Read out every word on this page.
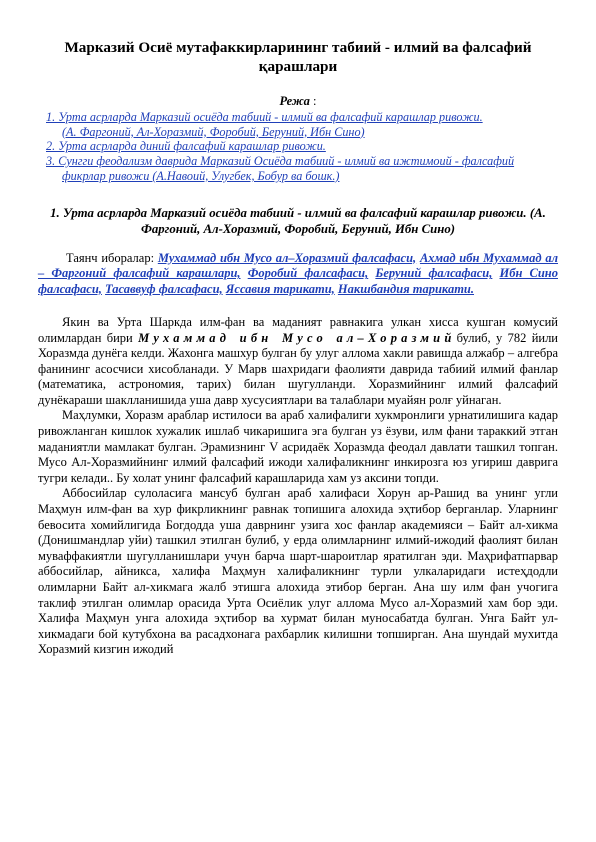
Марказий Осиё мутафаккирларининг табиий - илмий ва фалсафий қарашлари
Режа :
1. Урта асрларда Марказий осиёда табиий - илмий ва фалсафий карашлар ривожи.
(А. Фаргоний, Ал-Хоразмий, Форобий, Беруний, Ибн Сино)
2. Урта асрларда диний фалсафий карашлар ривожи.
3. Сунгги феодализм даврида Марказий Осиёда табиий - илмий ва ижтимоий - фалсафий
фикрлар ривожи (А.Навоий, Улугбек, Бобур ва бошк.)
1. Урта асрларда Марказий осиёда табиий - илмий ва фалсафий карашлар ривожи. (А. Фаргоний, Ал-Хоразмий, Форобий, Беруний, Ибн Сино)
Таянч иборалар: Мухаммад ибн Мусо ал–Хоразмий фалсафаси, Ахмад ибн Мухаммад ал – Фаргоний фалсафий карашлари, Форобий фалсафаси, Беруний фалсафаси, Ибн Сино фалсафаси, Тасаввуф фалсафаси, Яссавия тарикати, Накшбандия тарикати.

Якин ва Урта Шаркда илм-фан ва маданият равнакига улкан хисса кушган комусий олимлардан бири Мухаммад ибн Мусо ал–Хоразмий булиб, у 782 йили Хоразмда дунёга келди. Жахонга машхур булган бу улуг аллома хакли равишда алжабр – алгебра фанининг асосчиси хисобланади. У Марв шахридаги фаолияти даврида табиий илмий фанлар (математика, астрономия, тарих) билан шугулланди. Хоразмийнинг илмий фалсафий дунёкараши шаклланишида уша давр хусусиятлари ва талаблари муайян ролғ уйнаган.

Маҳлумки, Хоразм араблар истилоси ва араб халифалиги хукмронлиги урнатилишига кадар ривожланган кишлок хужалик ишлаб чикаришига эга булган уз ёзуви, илм фани тараккий этган маданиятли мамлакат булган. Эрамизнинг V асридаёк Хоразмда феодал давлати ташкил топган. Мусо Ал-Хоразмийнинг илмий фалсафий ижоди халифаликнинг инкирозга юз угириш даврига тугри келади.. Бу холат унинг фалсафий карашларида хам уз аксини топди.

Аббосийлар сулоласига мансуб булган араб халифаси Хорун ар-Рашид ва унинг угли Маҳмун илм-фан ва хур фикрликнинг равнак топишига алохида эҳтибор берганлар. Уларнинг бевосита хомийлигида Богдодда уша даврнинг узига хос фанлар академияси – Байт ал-хикма (Донишмандлар уйи) ташкил этилган булиб, у ерда олимларнинг илмий-ижодий фаолият билан муваффакиятли шугулланишлари учун барча шарт-шароитлар яратилган эди. Маҳрифатпарвар аббосийлар, айникса, халифа Маҳмун халифаликнинг турли улкаларидаги истеҳдодли олимларни Байт ал-хикмага жалб этишга алохида этибор берган. Ана шу илм фан учогига таклиф этилган олимлар орасида Урта Осиёлик улуг аллома Мусо ал-Хоразмий хам бор эди. Халифа Маҳмун унга алохида эҳтибор ва хурмат билан муносабатда булган. Унга Байт ул-хикмадаги бой кутубхона ва расадхонага рахбарлик килишни топширган. Ана шундай мухитда Хоразмий кизгин ижодий
